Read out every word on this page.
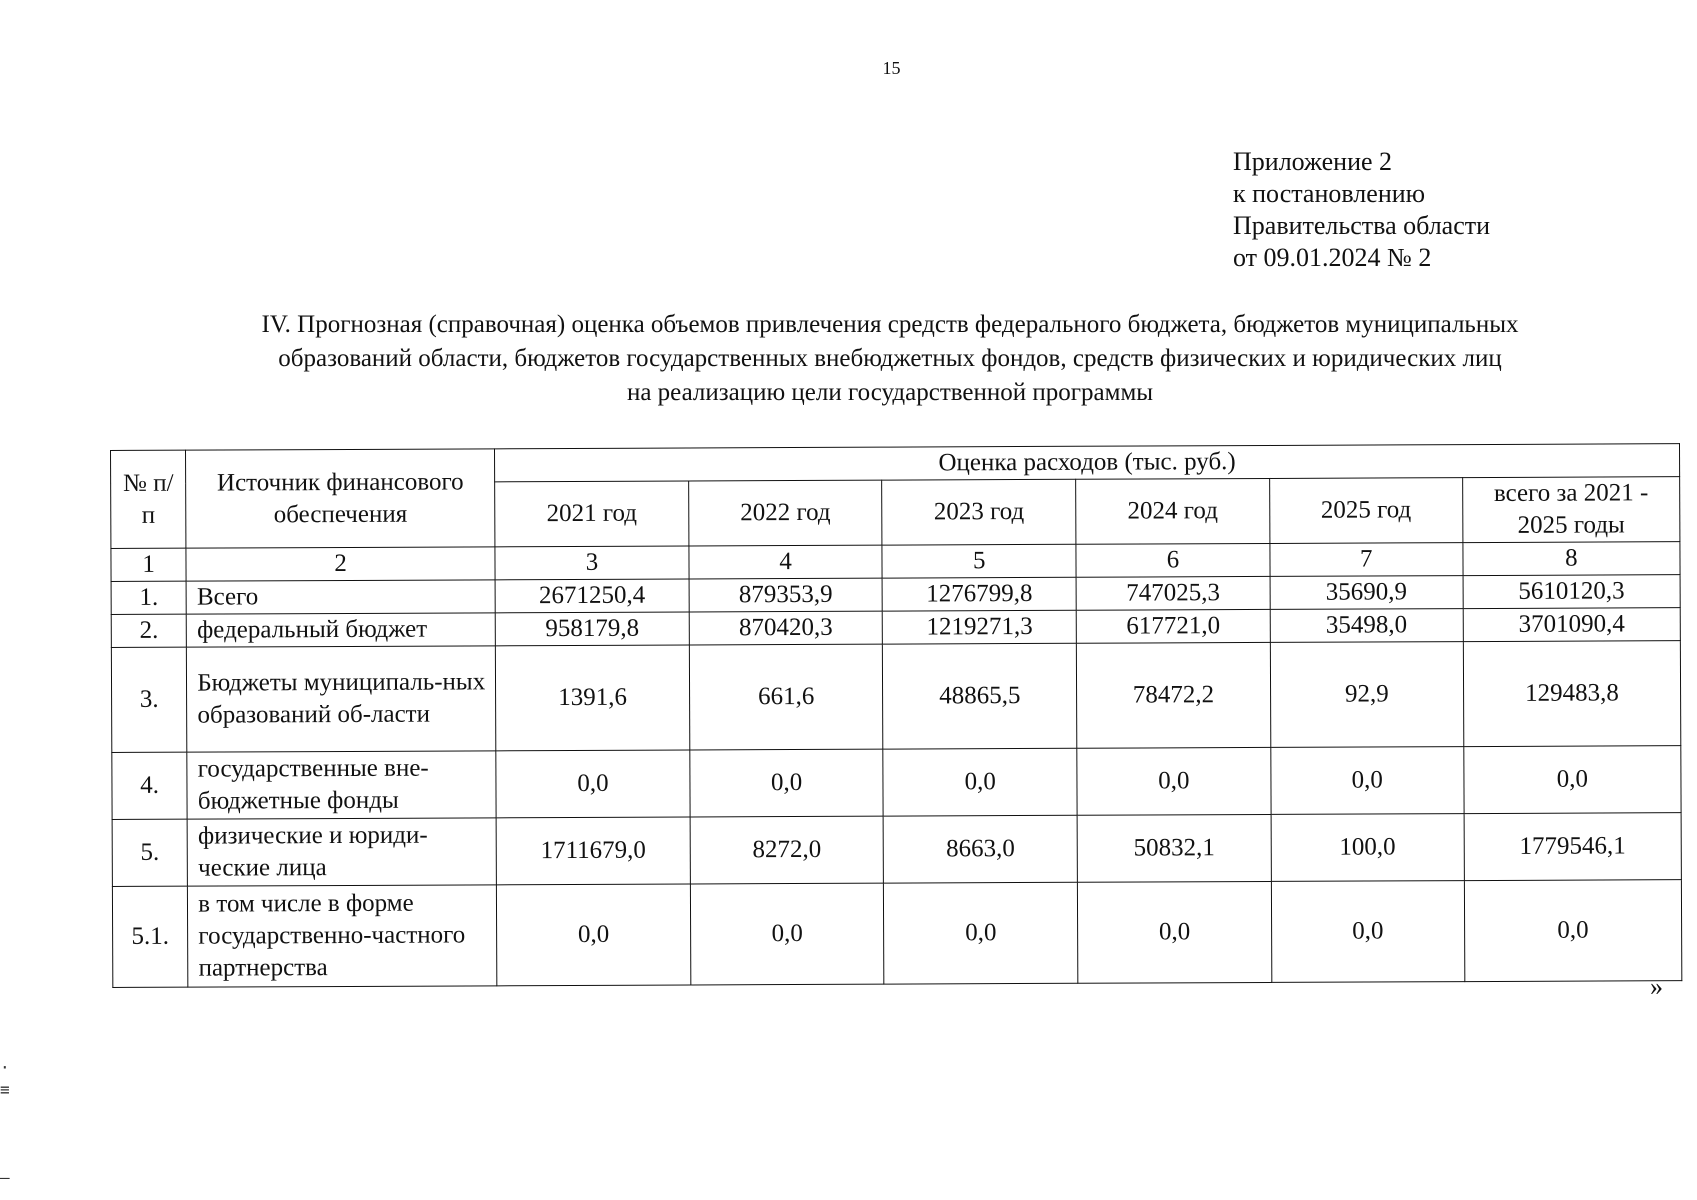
15
Приложение 2
к постановлению
Правительства области
от 09.01.2024 № 2
IV. Прогнозная (справочная) оценка объемов привлечения средств федерального бюджета, бюджетов муниципальных
образований области, бюджетов государственных внебюджетных фондов, средств физических и юридических лиц
на реализацию цели государственной программы
№ п/п	Источник финансового обеспечения	Оценка расходов (тыс. руб.)					
		2021 год	2022 год	2023 год	2024 год	2025 год	всего за 2021 - 2025 годы
1	2	3	4	5	6	7	8
1.	Всего	2671250,4	879353,9	1276799,8	747025,3	35690,9	5610120,3
2.	федеральный бюджет	958179,8	870420,3	1219271,3	617721,0	35498,0	3701090,4
3.	Бюджеты муниципаль-ных образований об-ласти	1391,6	661,6	48865,5	78472,2	92,9	129483,8
4.	государственные вне-бюджетные фонды	0,0	0,0	0,0	0,0	0,0	0,0
5.	физические и юриди-ческие лица	1711679,0	8272,0	8663,0	50832,1	100,0	1779546,1
5.1.	в том числе в форме государственно-частного партнерства	0,0	0,0	0,0	0,0	0,0	0,0
»
·
≡
–
